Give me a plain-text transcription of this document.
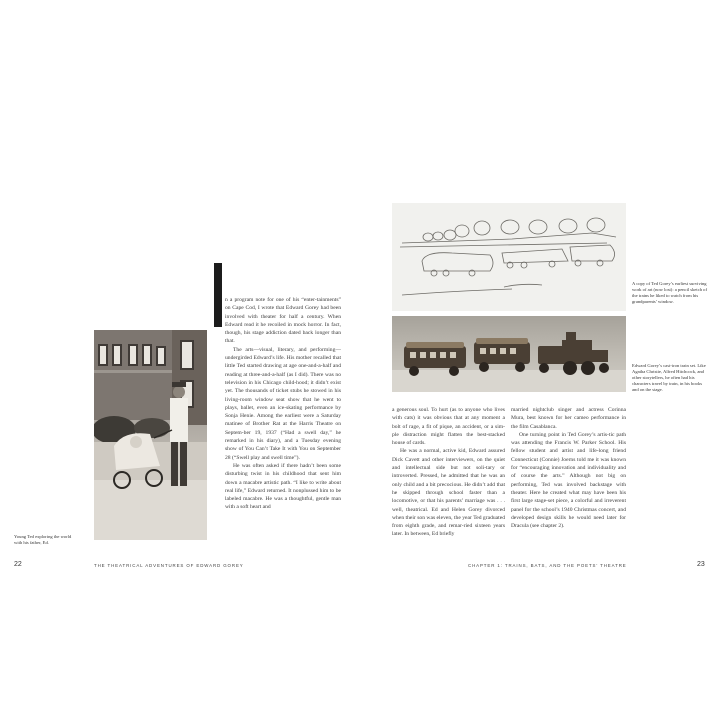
Young Ted exploring the world with his father, Ed.

n a program note for one of his “enter-tainments” on Cape Cod, I wrote that Edward Gorey had been involved with theater for half a century. When Edward read it he recoiled in mock horror. In fact, though, his stage addiction dated back longer than that.

The arts—visual, literary, and performing—undergirded Edward’s life. His mother recalled that little Ted started drawing at age one-and-a-half and reading at three-and-a-half (as I did). There was no television in his Chicago child-hood; it didn’t exist yet. The thousands of ticket stubs he stowed in his living-room window seat show that he went to plays, ballet, even an ice-skating performance by Sonja Henie. Among the earliest were a Saturday matinee of Brother Rat at the Harris Theatre on Septem-ber 19, 1937 (“Had a swell day,” he remarked in his diary), and a Tuesday evening show of You Can’t Take It with You on September 28 (“Swell play and swell time”).

He was often asked if there hadn’t been some disturbing twist in his childhood that sent him down a macabre artistic path. “I like to write about real life,” Edward returned. It nonplussed him to be labeled macabre. He was a thoughtful, gentle man with a soft heart and

22	THE THEATRICAL ADVENTURES OF EDWARD GOREY
A copy of Ted Gorey’s earliest surviving work of art (now lost): a pencil sketch of the trains he liked to watch from his grandparents’ window.
Edward Gorey’s cast-iron train set. Like Agatha Christie, Alfred Hitchcock, and other storytellers, he often had his characters travel by train, in his books and on the stage.

a generous soul. To hurt (as to anyone who lives with cats) it was obvious that at any moment a bolt of rage, a fit of pique, an accident, or a sim-ple distraction might flatten the best-stacked house of cards.

He was a normal, active kid, Edward assured Dick Cavett and other interviewers, on the quiet and intellectual side but not soli-tary or introverted. Pressed, he admitted that he was an only child and a bit precocious. He didn’t add that he skipped through school faster than a locomotive, or that his parents’ marriage was . . . well, theatrical. Ed and Helen Gorey divorced when their son was eleven, the year Ted graduated from eighth grade, and remar-ried sixteen years later. In between, Ed briefly

married nightclub singer and actress Corinna Mura, best known for her cameo performance in the film Casablanca.

One turning point in Ted Gorey’s artis-tic path was attending the Francis W. Parker School. His fellow student and artist and life-long friend Connecticut (Connie) Joerns told me it was known for “encouraging innovation and individuality and of course the arts.” Although not big on performing, Ted was involved backstage with theater. Here he created what may have been his first large stage-set piece, a colorful and irreverent panel for the school’s 1940 Christmas concert, and developed design skills he would need later for Dracula (see chapter 2).

CHAPTER 1: TRAINS, BATS, AND THE POETS’ THEATRE	23
